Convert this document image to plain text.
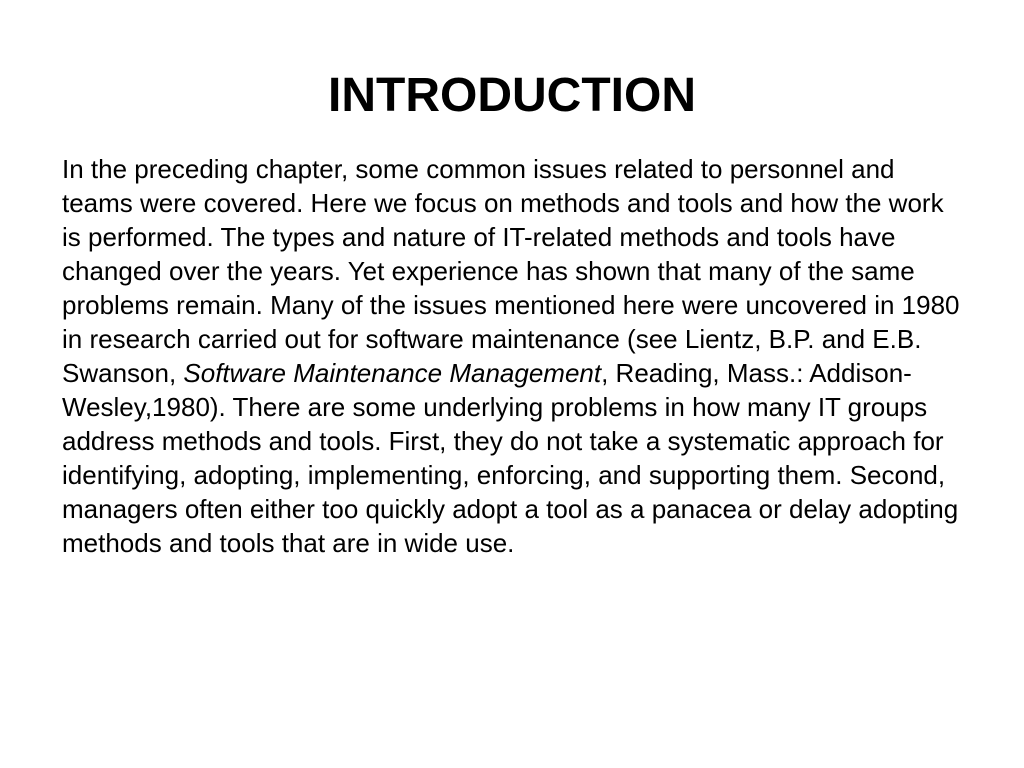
INTRODUCTION

In the preceding chapter, some common issues related to personnel and teams were covered. Here we focus on methods and tools and how the work is performed. The types and nature of IT-related methods and tools have changed over the years. Yet experience has shown that many of the same problems remain. Many of the issues mentioned here were uncovered in 1980 in research carried out for software maintenance (see Lientz, B.P. and E.B. Swanson, Software Maintenance Management, Reading, Mass.: Addison-Wesley,1980). There are some underlying problems in how many IT groups address methods and tools. First, they do not take a systematic approach for identifying, adopting, implementing, enforcing, and supporting them. Second, managers often either too quickly adopt a tool as a panacea or delay adopting methods and tools that are in wide use.
